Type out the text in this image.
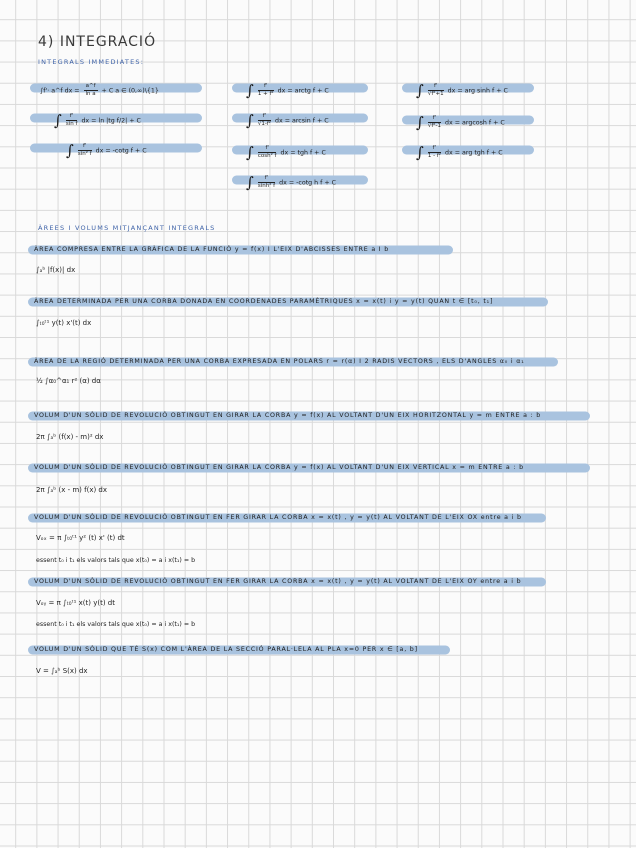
4) INTEGRACIÓ
INTEGRALS IMMEDIATES:
∫f'· a^f dx = $\frac{a\^{}f}{\text{ln a}} + C$ a ∈ (0,∞)\{1}
∫ $\frac{f'}{\text{sin f}}$ dx = ln |tg f/2| + C
∫ $\frac{f'}{\text{sin² f}}$ dx = -cotg f + C
∫ $\frac{f'}{\text{1 + f²}}$ dx = arctg f + C
∫ $\frac{f'}{\text{√1-f²}}$ dx = arcsin f + C
∫ $\frac{f'}{\text{cosh² f}}$ dx = tgh f + C
∫ $\frac{f'}{\text{sinh² f}}$ dx = -cotg h f + C
∫ $\frac{f'}{\text{√f²+1}}$ dx = arg sinh f + C
∫ $\frac{f'}{\text{√f²-1}}$ dx = argcosh f + C
∫ $\frac{f'}{\text{1 - f²}}$ dx = arg tgh f + C
ÀREES I VOLUMS MITJANÇANT INTEGRALS
ÀREA COMPRESA ENTRE LA GRÀFICA DE LA FUNCIÓ y = f(x) I L'EIX D'ABCISSES ENTRE a I b
∫ₐᵇ |f(x)| dx
ÀREA DETERMINADA PER UNA CORBA DONADA EN COORDENADES PARAMÈTRIQUES x = x(t) i y = y(t) QUAN t ∈ [t₀, t₁]
∫ₜ₀ᵗ¹ y(t) x'(t) dx
ÀREA DE LA REGIÓ DETERMINADA PER UNA CORBA EXPRESADA EN POLARS r = r(α) I 2 RADIS VECTORS , ELS D'ANGLES α₀ i α₁
½ ∫α₀^α₁ r² (α) dα
VOLUM D'UN SÒLID DE REVOLUCIÓ OBTINGUT EN GIRAR LA CORBA y = f(x) AL VOLTANT D'UN EIX HORITZONTAL y = m ENTRE a : b
2π ∫ₐᵇ (f(x) - m)² dx
VOLUM D'UN SÒLID DE REVOLUCIÓ OBTINGUT EN GIRAR LA CORBA y = f(x) AL VOLTANT D'UN EIX VERTICAL x = m ENTRE a : b
2π ∫ₐᵇ (x - m) f(x) dx
VOLUM D'UN SÒLID DE REVOLUCIÓ OBTINGUT EN FER GIRAR LA CORBA x = x(t) , y = y(t) AL VOLTANT DE L'EIX OX entre a i b
Vₒₓ = π ∫ₜ₀ᵗ¹ y² (t) x' (t) dt
essent t₀ i t₁ els valors tals que x(t₀) = a i x(t₁) = b
VOLUM D'UN SÒLID DE REVOLUCIÓ OBTINGUT EN FER GIRAR LA CORBA x = x(t) , y = y(t) AL VOLTANT DE L'EIX OY entre a i b
Vₒᵧ = π ∫ₜ₀ᵗ¹ x(t) y(t) dt
essent t₀ i t₁ els valors tals que x(t₀) = a i x(t₁) = b
VOLUM D'UN SÒLID QUE TÉ S(x) COM L'ÀREA DE LA SECCIÓ PARAL·LELA AL PLA x=0 PER x ∈ [a, b]
V = ∫ₐᵇ S(x) dx
